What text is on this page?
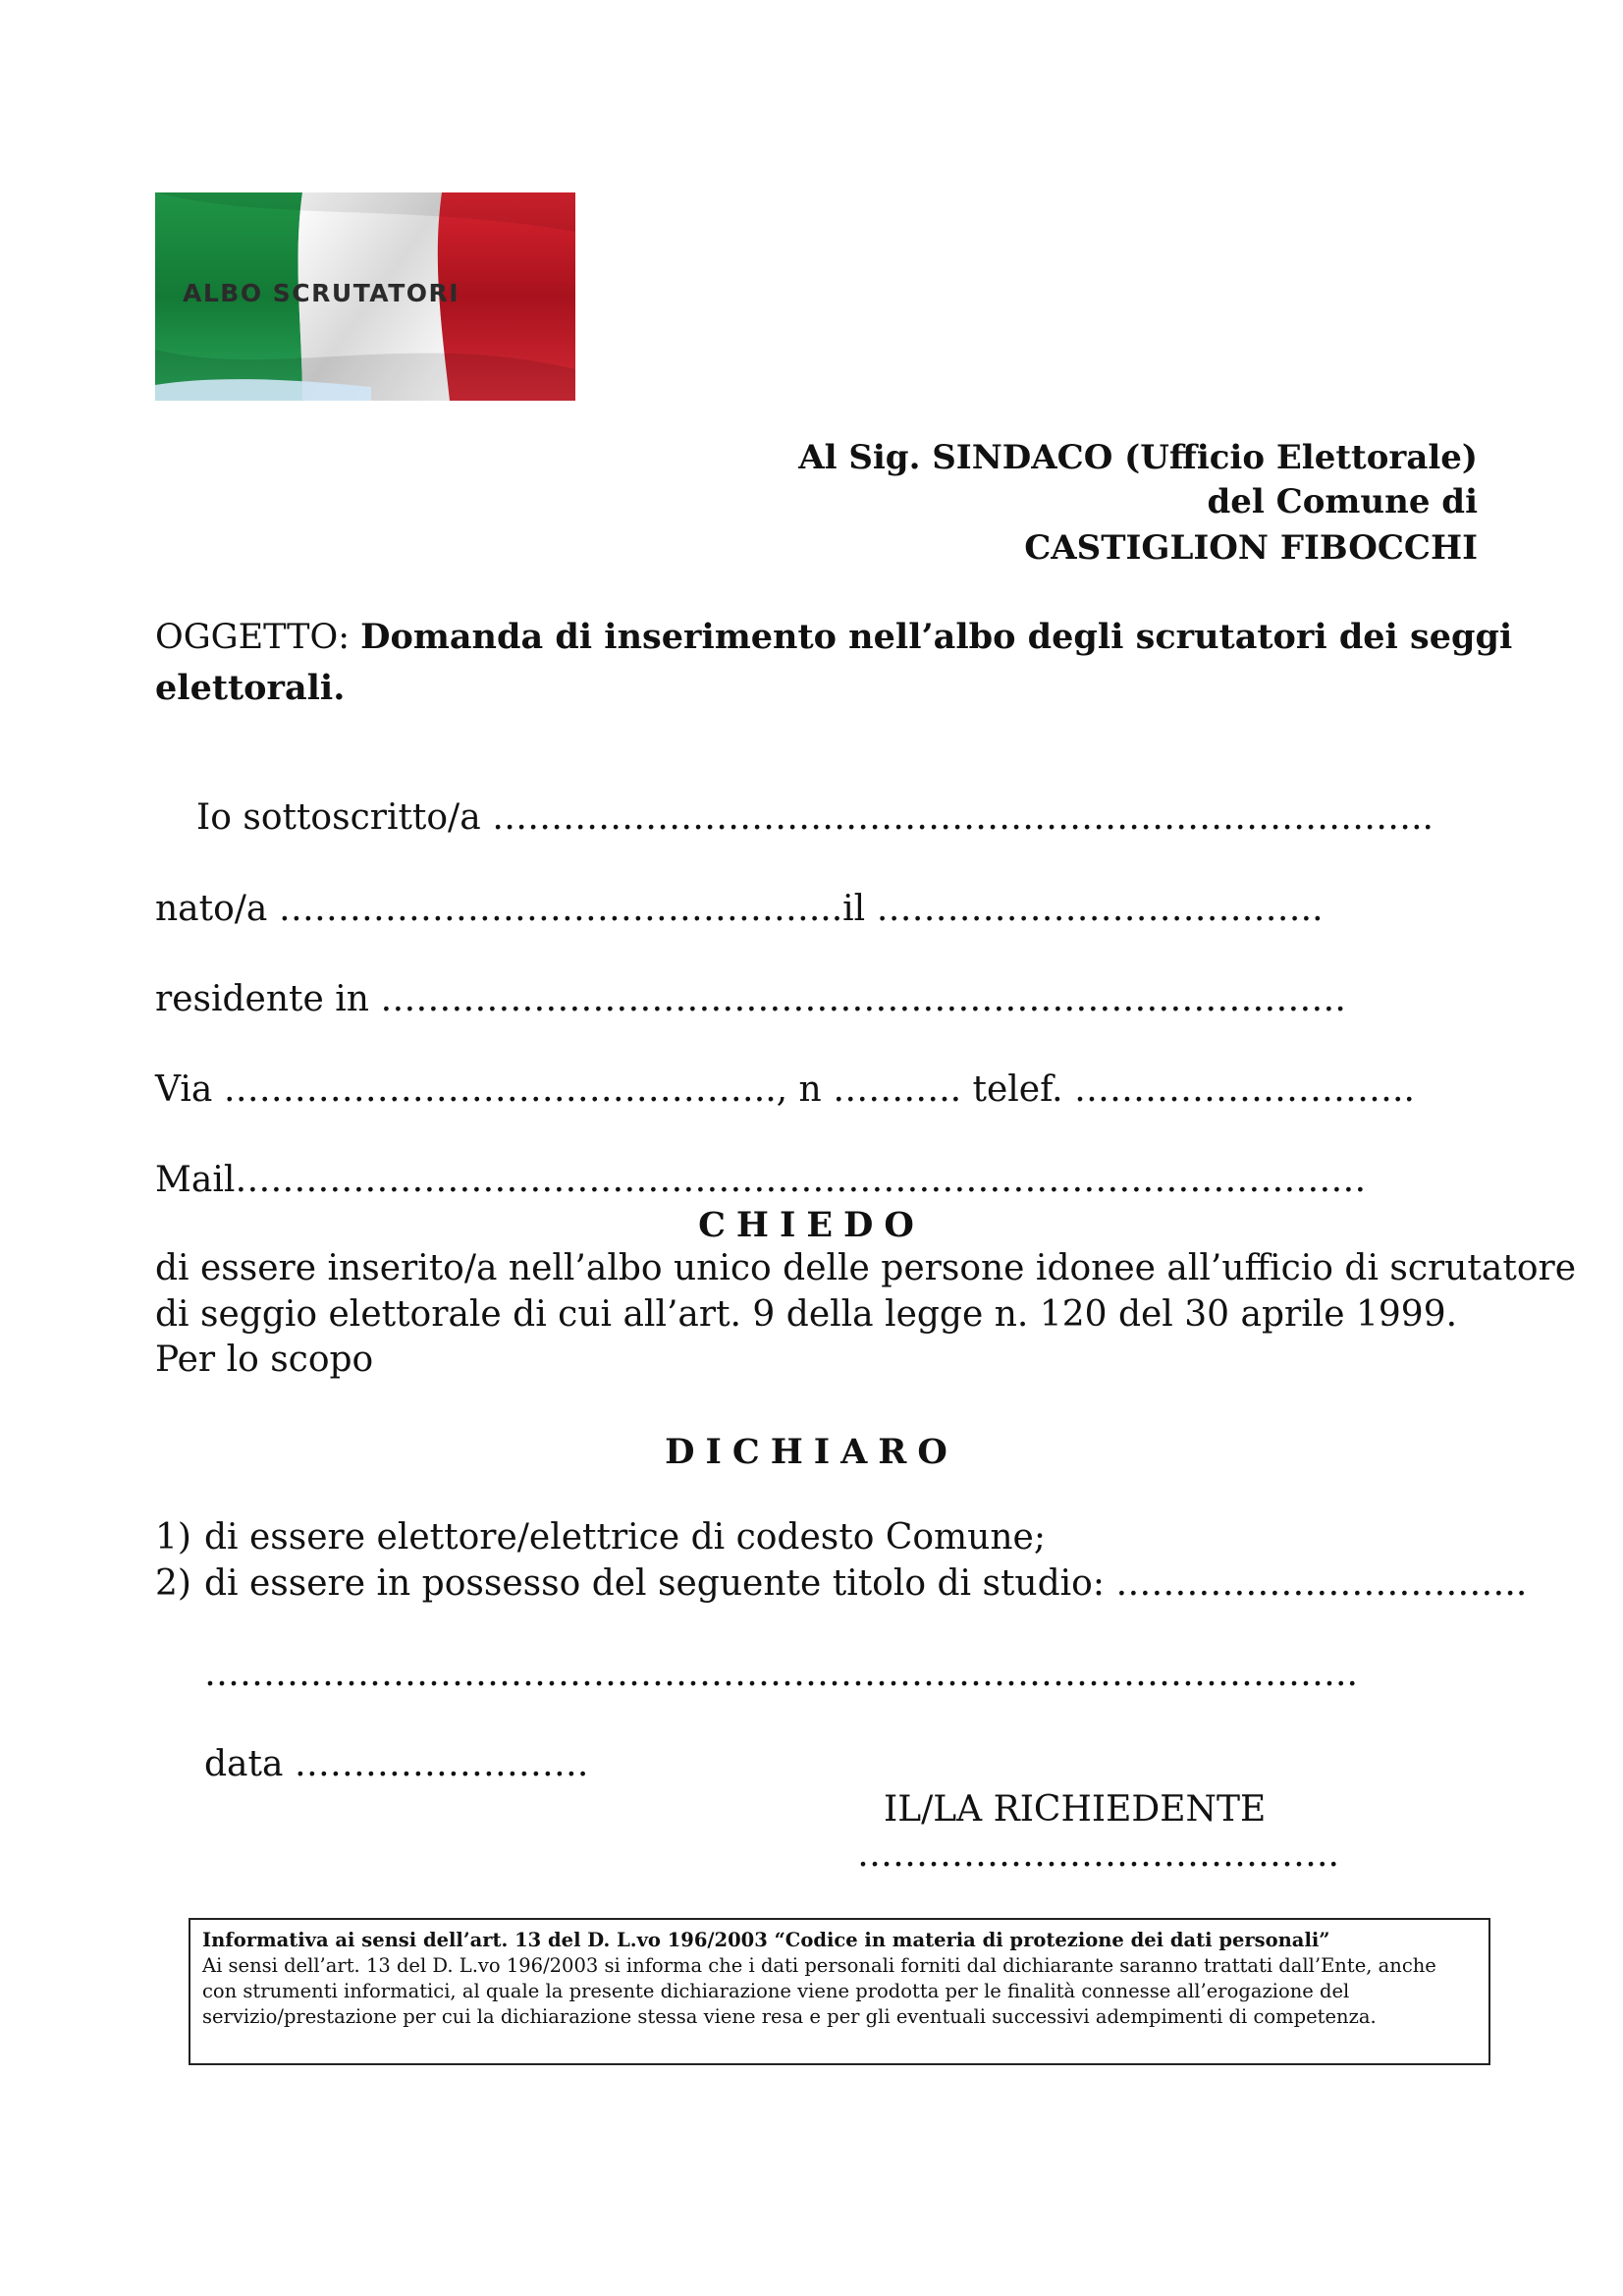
ALBO SCRUTATORI

Al Sig. SINDACO (Ufficio Elettorale)

del Comune di

CASTIGLION FIBOCCHI

OGGETTO: Domanda di inserimento nell’albo degli scrutatori dei seggi

elettorali.

Io sottoscritto/a ……………………………………………………………………..

nato/a ………………………………………...il ………………………………..

residente in ……………………………………………………………………….

Via ……………………………………….., n ……….. telef. ………………………..

Mail……………………………………………………………………………………

CHIEDO

di essere inserito/a nell’albo unico delle persone idonee all’ufficio di scrutatore

di seggio elettorale di cui all’art. 9 della legge n. 120 del 30 aprile 1999.

Per lo scopo

DICHIARO

1) di essere elettore/elettrice di codesto Comune;

2) di essere in possesso del seguente titolo di studio: ……………………………..

……………………………………………………………………………………..

data …………………….

IL/LA RICHIEDENTE

…………………………………..

Informativa ai sensi dell’art. 13 del D. L.vo 196/2003 “Codice in materia di protezione dei dati personali”
Ai sensi dell’art. 13 del D. L.vo 196/2003 si informa che i dati personali forniti dal dichiarante saranno trattati dall’Ente, anche con strumenti informatici, al quale la presente dichiarazione viene prodotta per le finalità connesse all’erogazione del servizio/prestazione per cui la dichiarazione stessa viene resa e per gli eventuali successivi adempimenti di competenza.
